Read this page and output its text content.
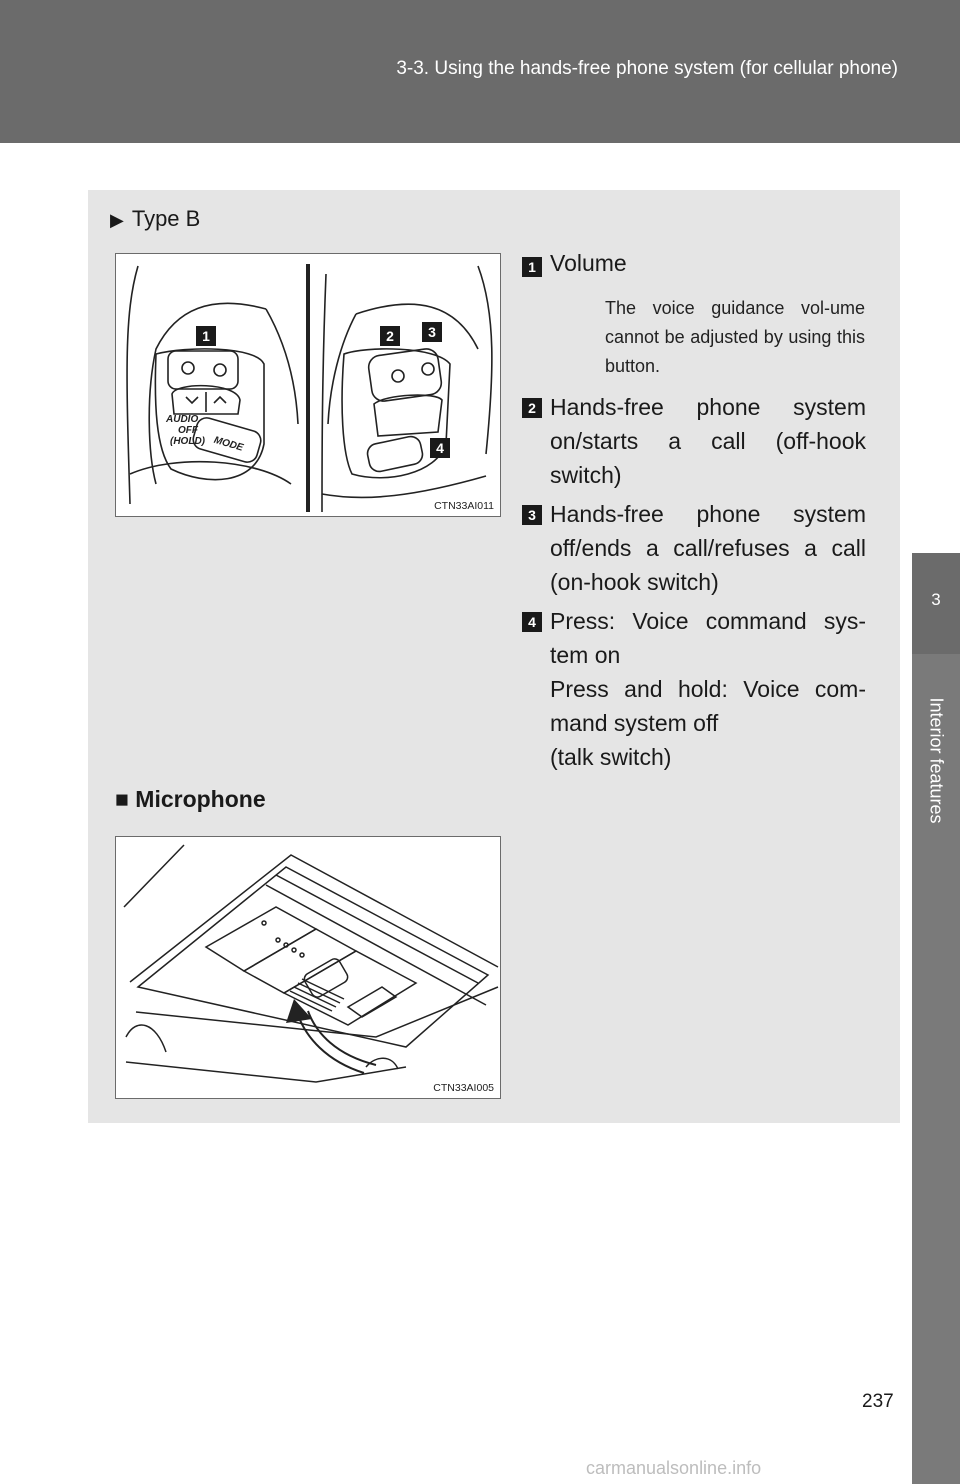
3-3. Using the hands-free phone system (for cellular phone)
3
Interior features
▶ Type B
AUDIO
OFF
(HOLD) MODE
1	2 3
4
CTN33AI011
1 Volume
The voice guidance vol-ume cannot be adjusted by using this button.
2 Hands-free phone system on/starts a call (off-hook switch)
3 Hands-free phone system off/ends a call/refuses a call (on-hook switch)
4 Press: Voice command sys-tem on
Press and hold: Voice com-mand system off
(talk switch)
■ Microphone
CTN33AI005
237
carmanualsonline.info
